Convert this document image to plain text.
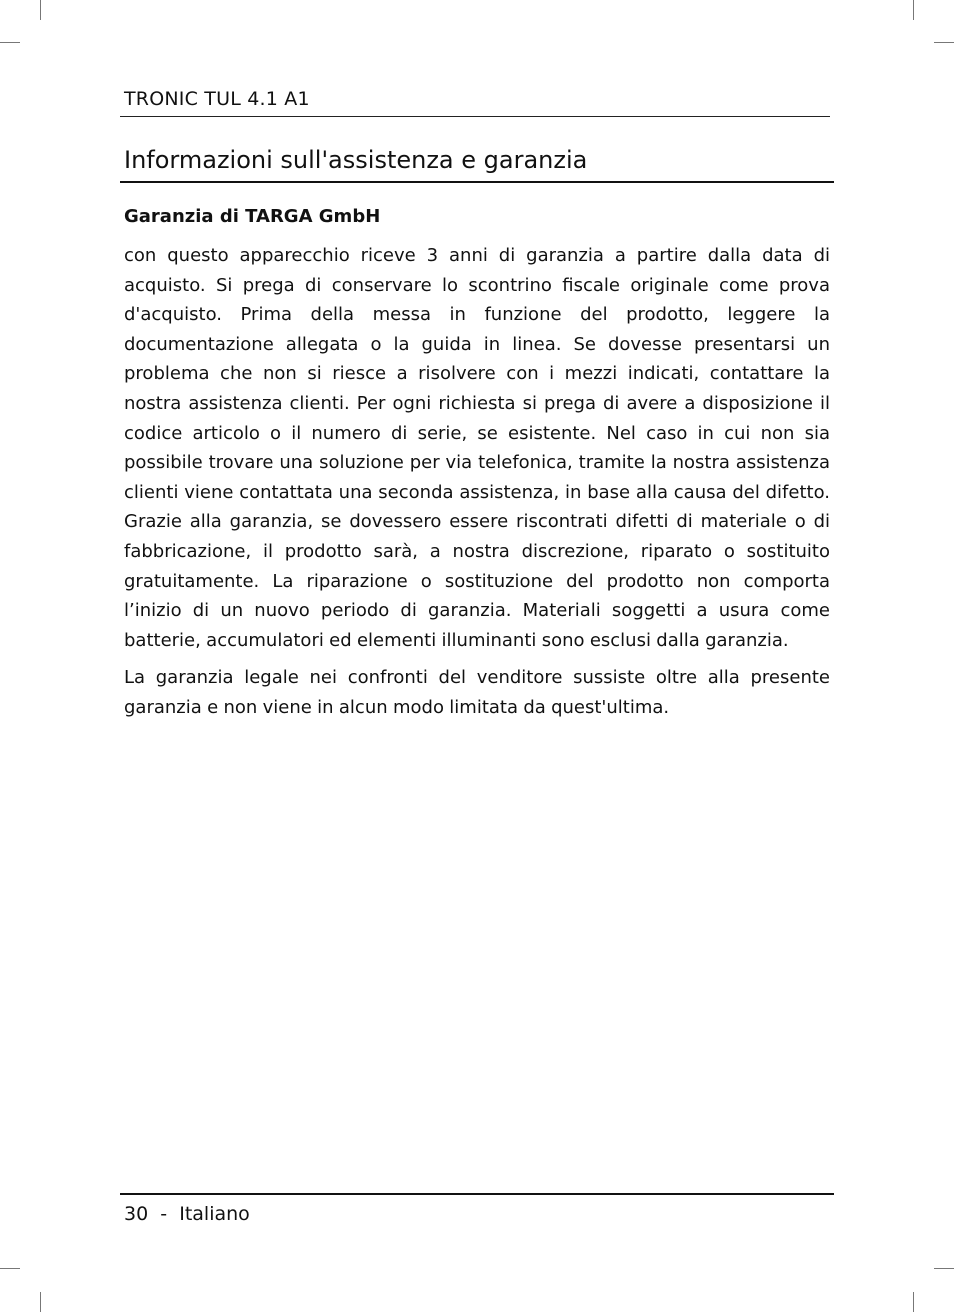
TRONIC TUL 4.1 A1
Informazioni sull'assistenza e garanzia
Garanzia di TARGA GmbH

con questo apparecchio riceve 3 anni di garanzia a partire dalla data di acquisto. Si prega di conservare lo scontrino fiscale originale come prova d'acquisto. Prima della messa in funzione del prodotto, leggere la documentazione allegata o la guida in linea. Se dovesse presentarsi un problema che non si riesce a risolvere con i mezzi indicati, contattare la nostra assistenza clienti. Per ogni richiesta si prega di avere a disposizione il codice articolo o il numero di serie, se esistente. Nel caso in cui non sia possibile trovare una soluzione per via telefonica, tramite la nostra assistenza clienti viene contattata una seconda assistenza, in base alla causa del difetto. Grazie alla garanzia, se dovessero essere riscontrati difetti di materiale o di fabbricazione, il prodotto sarà, a nostra discrezione, riparato o sostituito gratuitamente. La riparazione o sostituzione del prodotto non comporta l’inizio di un nuovo periodo di garanzia. Materiali soggetti a usura come batterie, accumulatori ed elementi illuminanti sono esclusi dalla garanzia.

La garanzia legale nei confronti del venditore sussiste oltre alla presente garanzia e non viene in alcun modo limitata da quest'ultima.

30 - Italiano
